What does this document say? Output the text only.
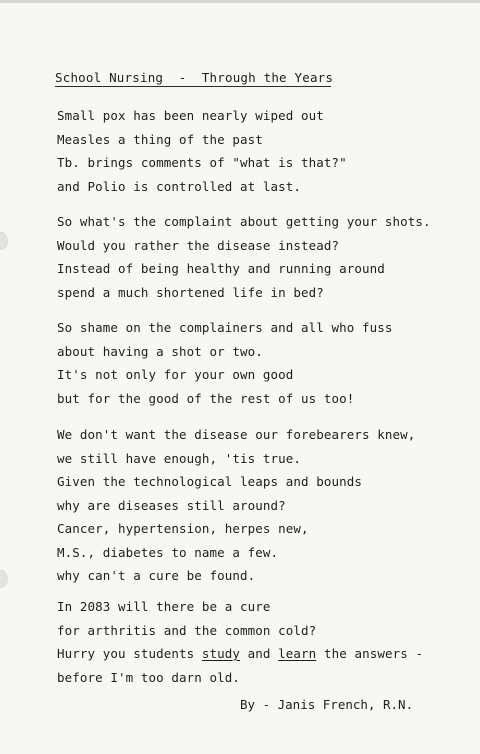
School Nursing  -  Through the Years
Small pox has been nearly wiped out
Measles a thing of the past
Tb. brings comments of "what is that?"
and Polio is controlled at last.
So what's the complaint about getting your shots.
Would you rather the disease instead?
Instead of being healthy and running around
spend a much shortened life in bed?
So shame on the complainers and all who fuss
about having a shot or two.
It's not only for your own good
but for the good of the rest of us too!
We don't want the disease our forebearers knew,
we still have enough, 'tis true.
Given the technological leaps and bounds
why are diseases still around?
Cancer, hypertension, herpes new,
M.S., diabetes to name a few.
why can't a cure be found.
In 2083 will there be a cure
for arthritis and the common cold?
Hurry you students study and learn the answers -
before I'm too darn old.
By - Janis French, R.N.
